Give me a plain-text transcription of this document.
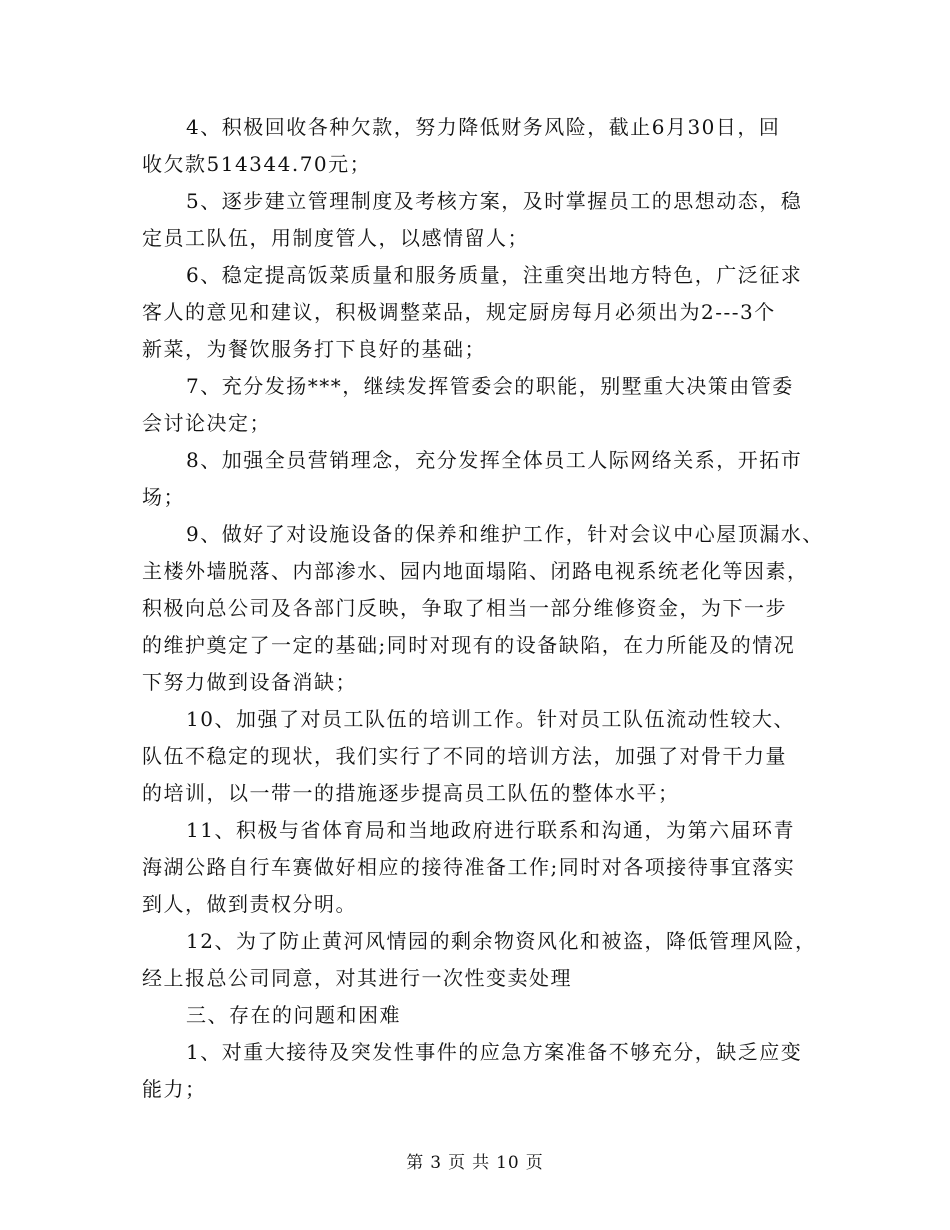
4、积极回收各种欠款，努力降低财务风险，截止6月30日，回
收欠款514344.70元；
5、逐步建立管理制度及考核方案，及时掌握员工的思想动态，稳
定员工队伍，用制度管人，以感情留人；
6、稳定提高饭菜质量和服务质量，注重突出地方特色，广泛征求
客人的意见和建议，积极调整菜品，规定厨房每月必须出为2---3个
新菜，为餐饮服务打下良好的基础；
7、充分发扬***，继续发挥管委会的职能，别墅重大决策由管委
会讨论决定；
8、加强全员营销理念，充分发挥全体员工人际网络关系，开拓市
场；
9、做好了对设施设备的保养和维护工作，针对会议中心屋顶漏水、
主楼外墙脱落、内部渗水、园内地面塌陷、闭路电视系统老化等因素，
积极向总公司及各部门反映，争取了相当一部分维修资金，为下一步
的维护奠定了一定的基础;同时对现有的设备缺陷，在力所能及的情况
下努力做到设备消缺；
10、加强了对员工队伍的培训工作。针对员工队伍流动性较大、
队伍不稳定的现状，我们实行了不同的培训方法，加强了对骨干力量
的培训，以一带一的措施逐步提高员工队伍的整体水平；
11、积极与省体育局和当地政府进行联系和沟通，为第六届环青
海湖公路自行车赛做好相应的接待准备工作;同时对各项接待事宜落实
到人，做到责权分明。
12、为了防止黄河风情园的剩余物资风化和被盗，降低管理风险，
经上报总公司同意，对其进行一次性变卖处理
三、存在的问题和困难
1、对重大接待及突发性事件的应急方案准备不够充分，缺乏应变
能力；
第 3 页 共 10 页
